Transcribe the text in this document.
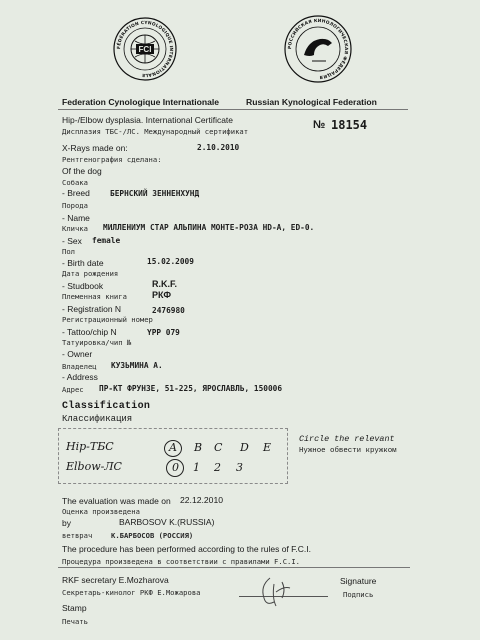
FÉDÉRATION CYNOLOGIQUE INTERNATIONALE
FCI	РОССИЙСКАЯ КИНОЛОГИЧЕСКАЯ ФЕДЕРАЦИЯ
Federation Cynologique Internationale	Russian Kynological Federation
Hip-/Elbow dysplasia. International Certificate
Дисплазия ТБС-/ЛС. Международный сертификат
№ 18154
X-Rays made on:	2.10.2010
Рентгенография сделана:
Of the dog
Собака
- Breed	БЕРНСКИЙ ЗЕННЕНХУНД
Порода
- Name
Кличка МИЛЛЕНИУМ СТАР АЛЬПИНА МОНТЕ-РОЗА HD-A, ED-0.
- Sex female
Пол
- Birth date	15.02.2009
Дата рождения
- Studbook	R.K.F.
Племенная книга	РКФ
- Registration N	2476980
Регистрационный номер
- Tattoo/chip N	YPP 079
Татуировка/чип №
- Owner
Владелец КУЗЬМИНА А.
- Address
Адрес ПР-КТ ФРУНЗЕ, 51-225, ЯРОСЛАВЛЬ, 150006
Classification
Классификация
Hip-ТБС
Elbow-ЛС
A B C D E
0 1 2 3
Circle the relevant
Нужное обвести кружком
The evaluation was made on 22.12.2010
Оценка произведена
by	BARBOSOV K.(RUSSIA)
ветврач	К.БАРБОСОВ (РОССИЯ)
The procedure has been performed according to the rules of F.C.I.
Процедура произведена в соответствии с правилами F.C.I.
RKF secretary E.Mozharova
Секретарь-кинолог РКФ Е.Можарова
Signature
Подпись
Stamp
Печать
